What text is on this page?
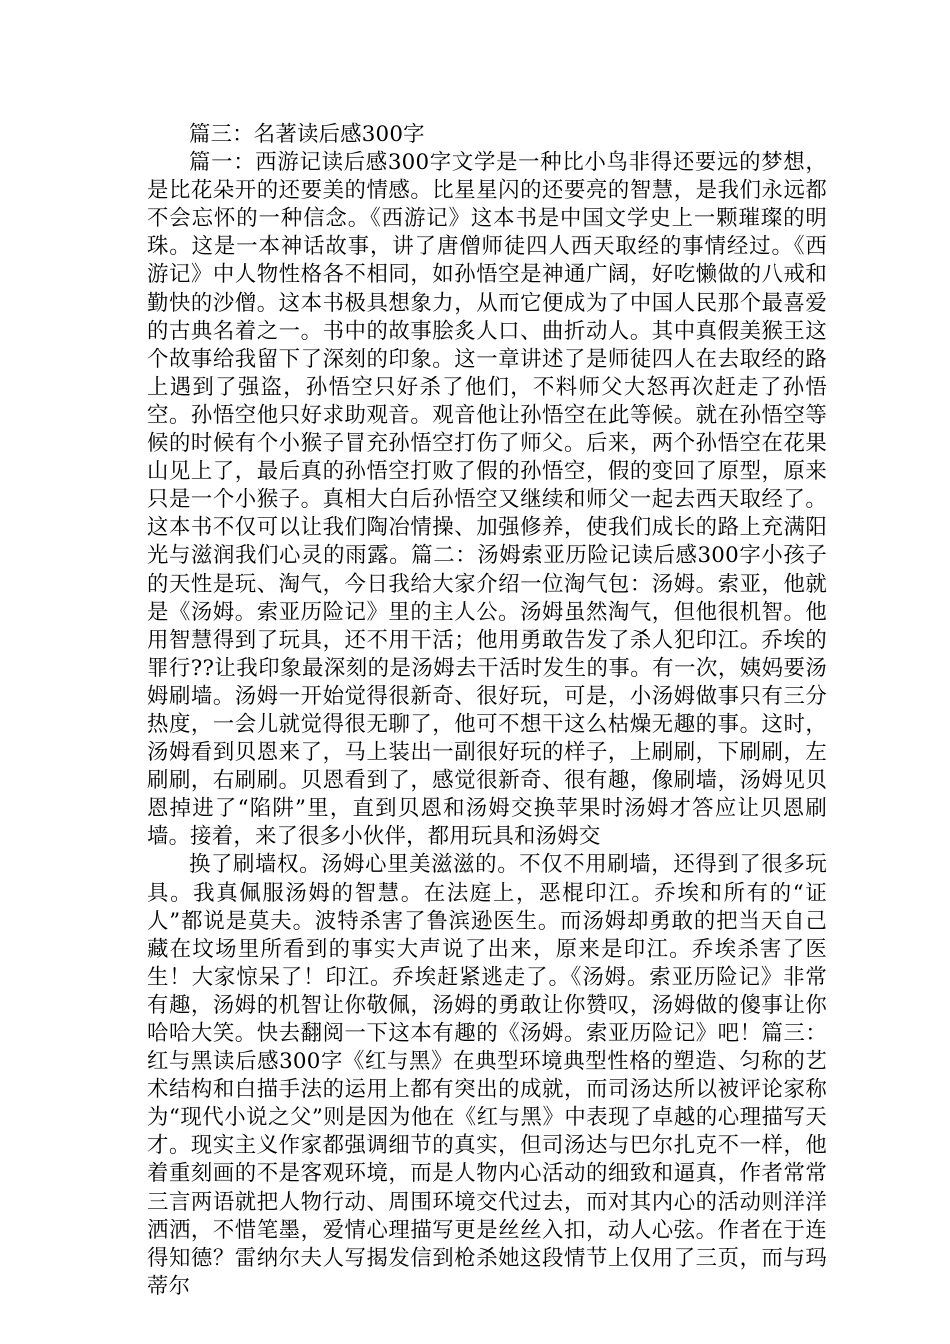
篇三：名著读后感300字

篇一：西游记读后感300字文学是一种比小鸟非得还要远的梦想，是比花朵开的还要美的情感。比星星闪的还要亮的智慧，是我们永远都不会忘怀的一种信念。《西游记》这本书是中国文学史上一颗璀璨的明珠。这是一本神话故事，讲了唐僧师徒四人西天取经的事情经过。《西游记》中人物性格各不相同，如孙悟空是神通广阔，好吃懒做的八戒和勤快的沙僧。这本书极具想象力，从而它便成为了中国人民那个最喜爱的古典名着之一。书中的故事脍炙人口、曲折动人。其中真假美猴王这个故事给我留下了深刻的印象。这一章讲述了是师徒四人在去取经的路上遇到了强盗，孙悟空只好杀了他们，不料师父大怒再次赶走了孙悟空。孙悟空他只好求助观音。观音他让孙悟空在此等候。就在孙悟空等候的时候有个小猴子冒充孙悟空打伤了师父。后来，两个孙悟空在花果山见上了，最后真的孙悟空打败了假的孙悟空，假的变回了原型，原来只是一个小猴子。真相大白后孙悟空又继续和师父一起去西天取经了。这本书不仅可以让我们陶冶情操、加强修养，使我们成长的路上充满阳光与滋润我们心灵的雨露。篇二：汤姆索亚历险记读后感300字小孩子的天性是玩、淘气，今日我给大家介绍一位淘气包：汤姆。索亚，他就是《汤姆。索亚历险记》里的主人公。汤姆虽然淘气，但他很机智。他用智慧得到了玩具，还不用干活；他用勇敢告发了杀人犯印江。乔埃的罪行??让我印象最深刻的是汤姆去干活时发生的事。有一次，姨妈要汤姆刷墙。汤姆一开始觉得很新奇、很好玩，可是，小汤姆做事只有三分热度，一会儿就觉得很无聊了，他可不想干这么枯燥无趣的事。这时，汤姆看到贝恩来了，马上装出一副很好玩的样子，上刷刷，下刷刷，左刷刷，右刷刷。贝恩看到了，感觉很新奇、很有趣，像刷墙，汤姆见贝恩掉进了“陷阱”里，直到贝恩和汤姆交换苹果时汤姆才答应让贝恩刷墙。接着，来了很多小伙伴，都用玩具和汤姆交

换了刷墙权。汤姆心里美滋滋的。不仅不用刷墙，还得到了很多玩具。我真佩服汤姆的智慧。在法庭上，恶棍印江。乔埃和所有的“证人”都说是莫夫。波特杀害了鲁滨逊医生。而汤姆却勇敢的把当天自己藏在坟场里所看到的事实大声说了出来，原来是印江。乔埃杀害了医生！大家惊呆了！印江。乔埃赶紧逃走了。《汤姆。索亚历险记》非常有趣，汤姆的机智让你敬佩，汤姆的勇敢让你赞叹，汤姆做的傻事让你哈哈大笑。快去翻阅一下这本有趣的《汤姆。索亚历险记》吧！篇三：红与黑读后感300字《红与黑》在典型环境典型性格的塑造、匀称的艺术结构和白描手法的运用上都有突出的成就，而司汤达所以被评论家称为“现代小说之父”则是因为他在《红与黑》中表现了卓越的心理描写天才。现实主义作家都强调细节的真实，但司汤达与巴尔扎克不一样，他着重刻画的不是客观环境，而是人物内心活动的细致和逼真，作者常常三言两语就把人物行动、周围环境交代过去，而对其内心的活动则洋洋洒洒，不惜笔墨，爱情心理描写更是丝丝入扣，动人心弦。作者在于连得知德？雷纳尔夫人写揭发信到枪杀她这段情节上仅用了三页，而与玛蒂尔
